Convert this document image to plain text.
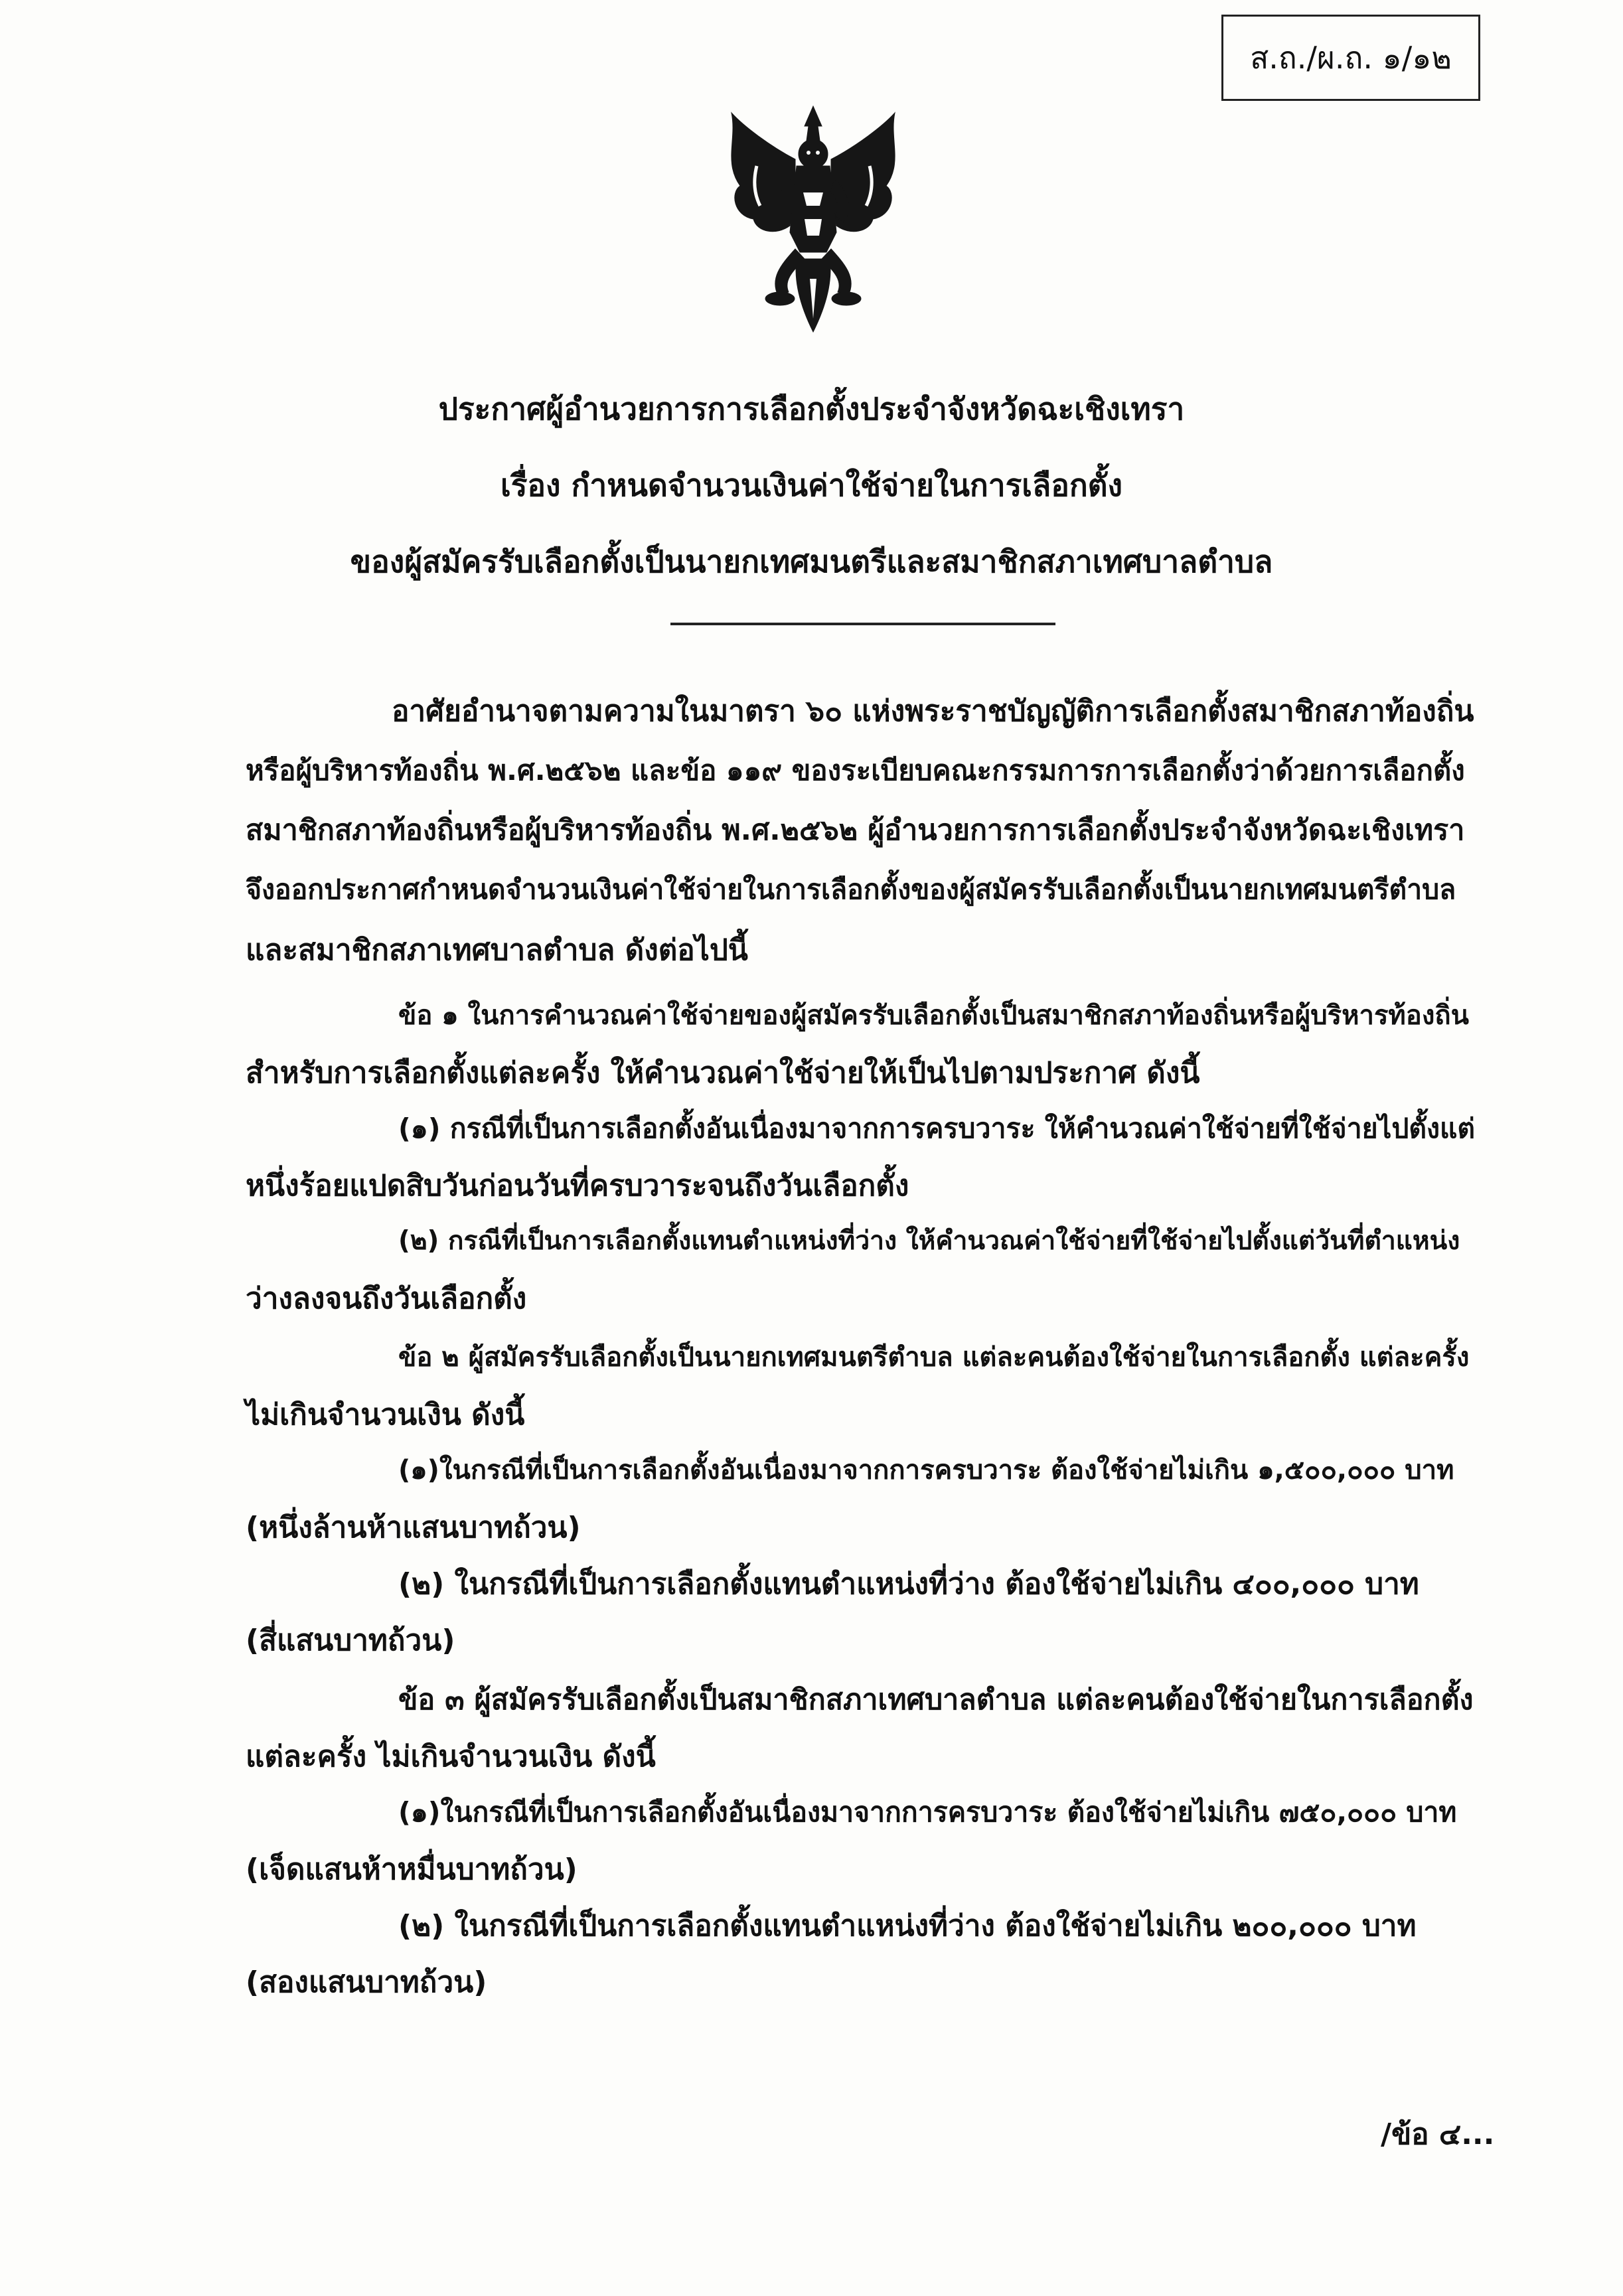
ส.ถ./ผ.ถ. ๑/๑๒
ประกาศผู้อำนวยการการเลือกตั้งประจำจังหวัดฉะเชิงเทรา
เรื่อง กำหนดจำนวนเงินค่าใช้จ่ายในการเลือกตั้ง
ของผู้สมัครรับเลือกตั้งเป็นนายกเทศมนตรีและสมาชิกสภาเทศบาลตำบล
อาศัยอำนาจตามความในมาตรา ๖๐ แห่งพระราชบัญญัติการเลือกตั้งสมาชิกสภาท้องถิ่น
หรือผู้บริหารท้องถิ่น พ.ศ.๒๕๖๒ และข้อ ๑๑๙ ของระเบียบคณะกรรมการการเลือกตั้งว่าด้วยการเลือกตั้ง
สมาชิกสภาท้องถิ่นหรือผู้บริหารท้องถิ่น พ.ศ.๒๕๖๒ ผู้อำนวยการการเลือกตั้งประจำจังหวัดฉะเชิงเทรา
จึงออกประกาศกำหนดจำนวนเงินค่าใช้จ่ายในการเลือกตั้งของผู้สมัครรับเลือกตั้งเป็นนายกเทศมนตรีตำบล
และสมาชิกสภาเทศบาลตำบล ดังต่อไปนี้
ข้อ ๑ ในการคำนวณค่าใช้จ่ายของผู้สมัครรับเลือกตั้งเป็นสมาชิกสภาท้องถิ่นหรือผู้บริหารท้องถิ่น
สำหรับการเลือกตั้งแต่ละครั้ง ให้คำนวณค่าใช้จ่ายให้เป็นไปตามประกาศ ดังนี้
(๑) กรณีที่เป็นการเลือกตั้งอันเนื่องมาจากการครบวาระ ให้คำนวณค่าใช้จ่ายที่ใช้จ่ายไปตั้งแต่
หนึ่งร้อยแปดสิบวันก่อนวันที่ครบวาระจนถึงวันเลือกตั้ง
(๒) กรณีที่เป็นการเลือกตั้งแทนตำแหน่งที่ว่าง ให้คำนวณค่าใช้จ่ายที่ใช้จ่ายไปตั้งแต่วันที่ตำแหน่ง
ว่างลงจนถึงวันเลือกตั้ง
ข้อ ๒ ผู้สมัครรับเลือกตั้งเป็นนายกเทศมนตรีตำบล แต่ละคนต้องใช้จ่ายในการเลือกตั้ง แต่ละครั้ง
ไม่เกินจำนวนเงิน ดังนี้
(๑)ในกรณีที่เป็นการเลือกตั้งอันเนื่องมาจากการครบวาระ ต้องใช้จ่ายไม่เกิน ๑,๕๐๐,๐๐๐ บาท
(หนึ่งล้านห้าแสนบาทถ้วน)
(๒) ในกรณีที่เป็นการเลือกตั้งแทนตำแหน่งที่ว่าง ต้องใช้จ่ายไม่เกิน ๔๐๐,๐๐๐ บาท
(สี่แสนบาทถ้วน)
ข้อ ๓ ผู้สมัครรับเลือกตั้งเป็นสมาชิกสภาเทศบาลตำบล แต่ละคนต้องใช้จ่ายในการเลือกตั้ง
แต่ละครั้ง ไม่เกินจำนวนเงิน ดังนี้
(๑)ในกรณีที่เป็นการเลือกตั้งอันเนื่องมาจากการครบวาระ ต้องใช้จ่ายไม่เกิน ๗๕๐,๐๐๐ บาท
(เจ็ดแสนห้าหมื่นบาทถ้วน)
(๒) ในกรณีที่เป็นการเลือกตั้งแทนตำแหน่งที่ว่าง ต้องใช้จ่ายไม่เกิน ๒๐๐,๐๐๐ บาท
(สองแสนบาทถ้วน)
/ข้อ ๔...
